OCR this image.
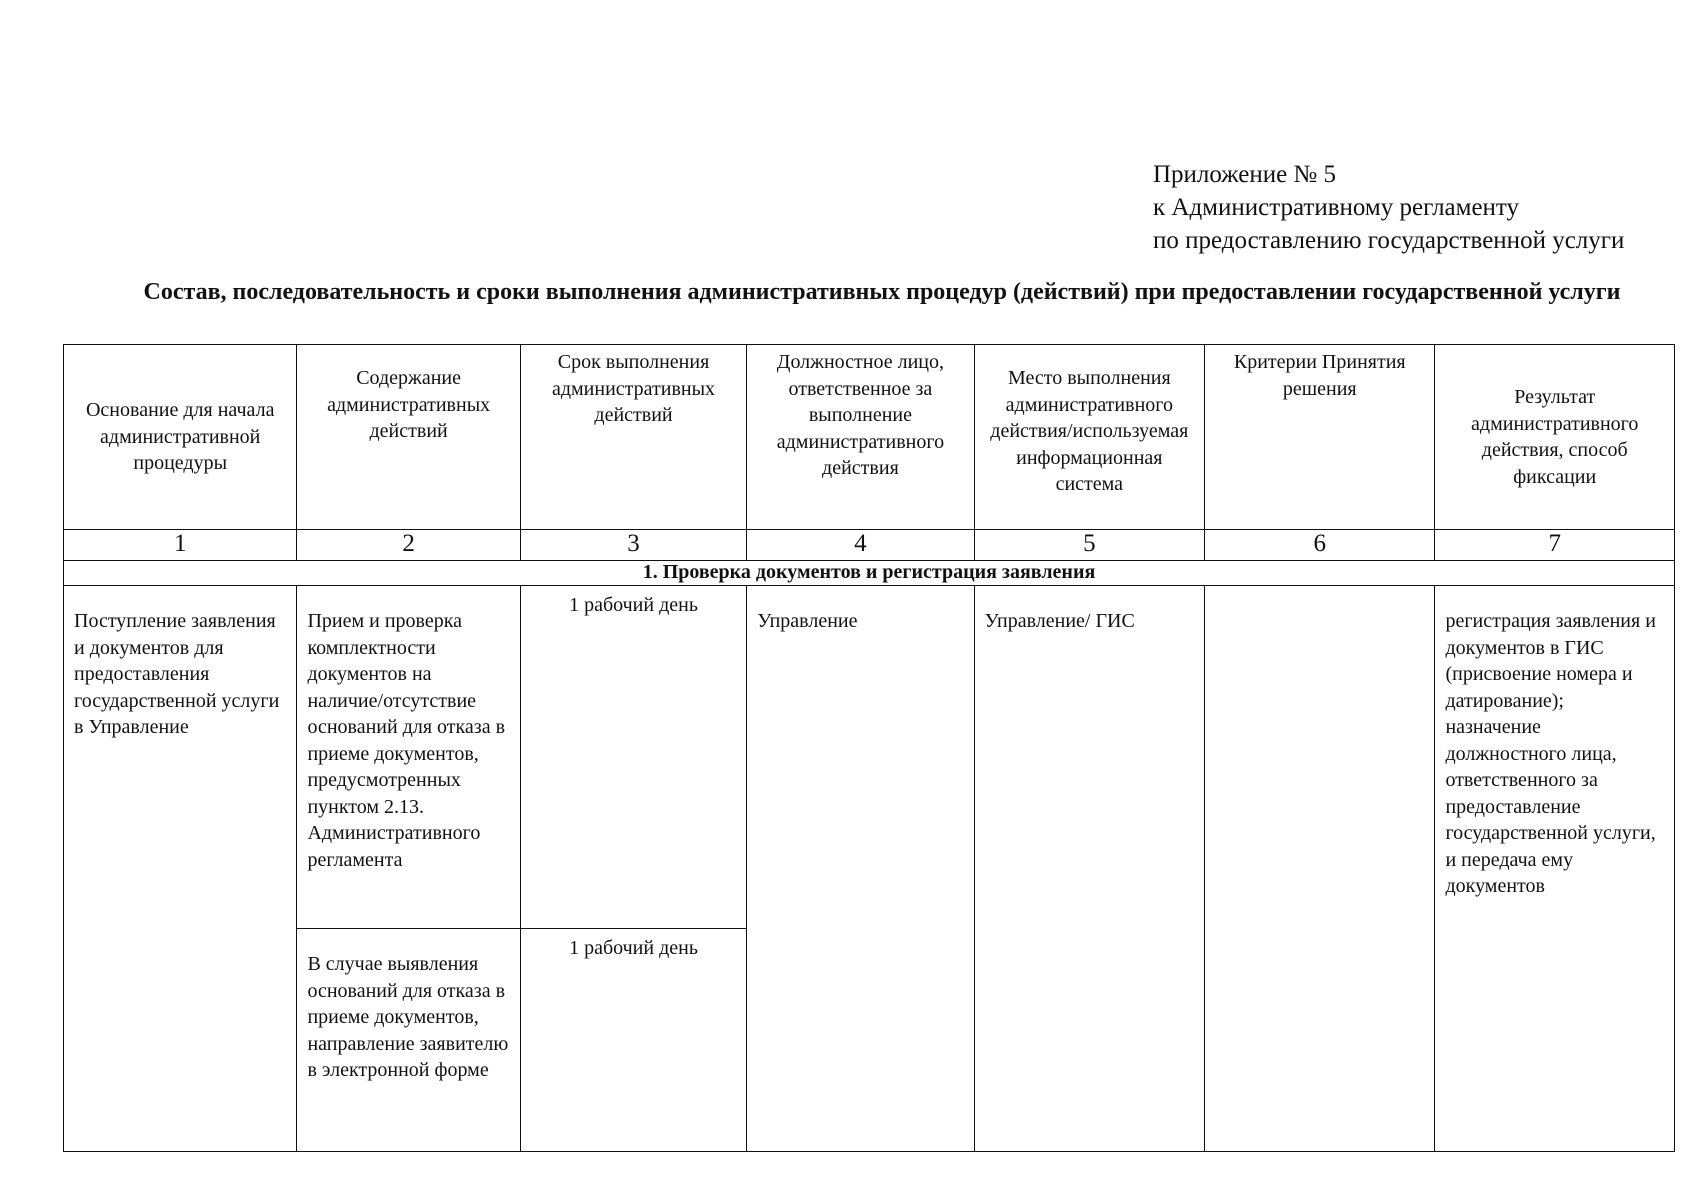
Приложение № 5
к Административному регламенту
по предоставлению государственной услуги
Состав, последовательность и сроки выполнения административных процедур (действий) при предоставлении государственной услуги
Основание для начала административной процедуры	Содержание административных действий	Срок выполнения административных действий	Должностное лицо, ответственное за выполнение административного действия	Место выполнения административного действия/используемая информационная система	Критерии Принятия решения	Результат административного действия, способ фиксации
1	2	3	4	5	6	7
1. Проверка документов и регистрация заявления						
Поступление заявления и документов для предоставления государственной услуги в Управление	Прием и проверка комплектности документов на наличие/отсутствие оснований для отказа в приеме документов, предусмотренных пунктом 2.13. Административного регламента	1 рабочий день	Управление	Управление/ ГИС		регистрация заявления и документов в ГИС (присвоение номера и датирование); назначение должностного лица, ответственного за предоставление государственной услуги, и передача ему документов
	В случае выявления оснований для отказа в приеме документов, направление заявителю в электронной форме	1 рабочий день				
